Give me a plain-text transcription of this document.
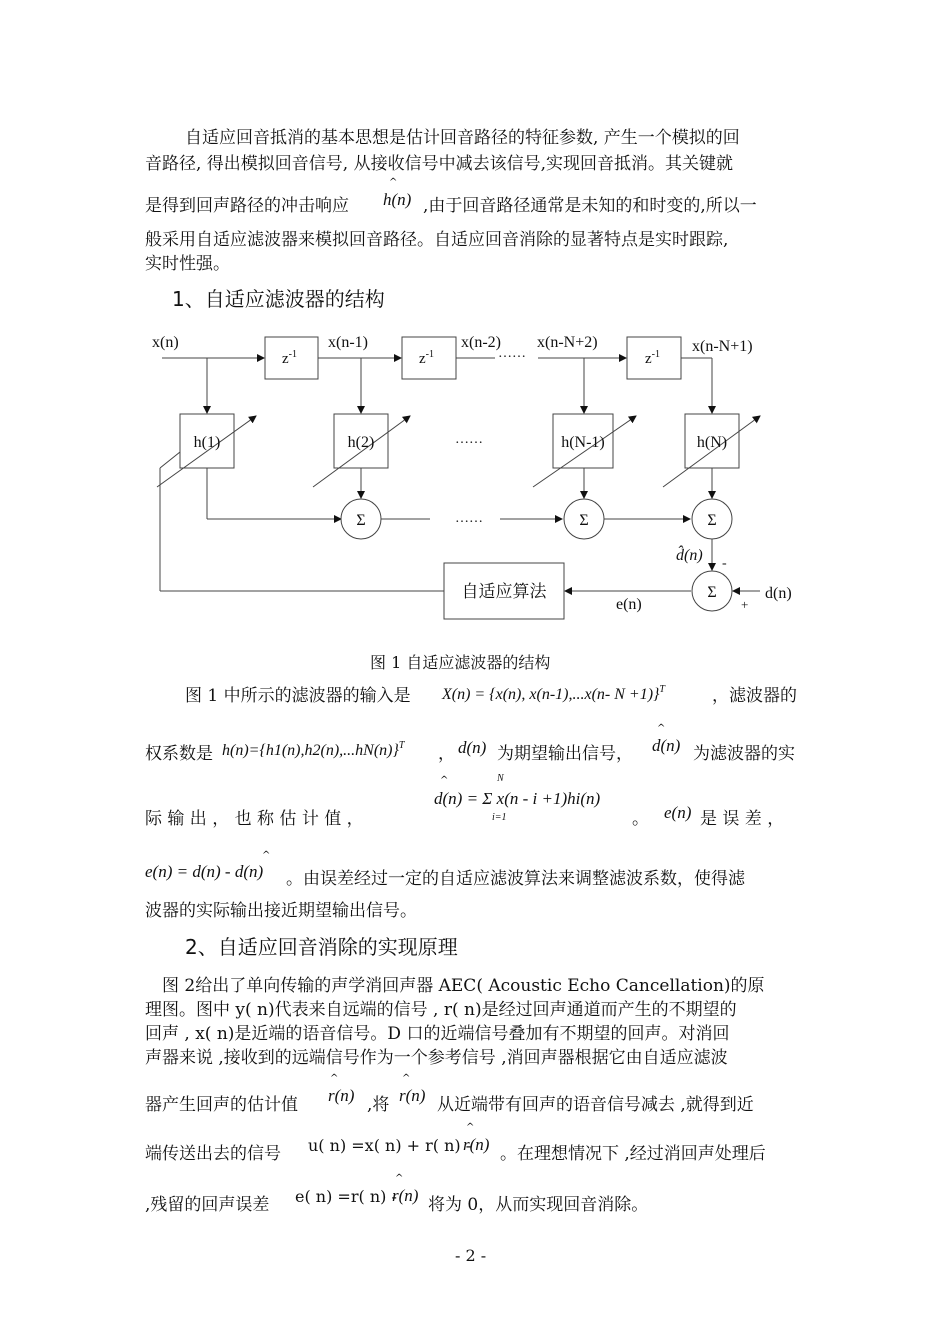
自适应回音抵消的基本思想是估计回音路径的特征参数, 产生一个模拟的回
音路径, 得出模拟回音信号, 从接收信号中减去该信号,实现回音抵消。其关键就
是得到回声路径的冲击响应
^
h(n) ,由于回音路径通常是未知的和时变的,所以一
般采用自适应滤波器来模拟回音路径。自适应回音消除的显著特点是实时跟踪,
实时性强。
1、自适应滤波器的结构
x(n)	x(n-1)	x(n-2) x(n-N+2)	x(n-N+1)
……
……
……
$z^{-1}$	$z^{-1}$	$z^{-1}$
h(1)	h(2)	h(N-1)	h(N)
Σ	Σ	Σ
Σ
自适应算法
d̂(n) -
+
d(n)
e(n)
图 1 自适应滤波器的结构
图 1 中所示的滤波器的输入是 X(n) = {x(n), x(n-1),...x(n- N +1)}$^T$	，滤波器的
权系数是 $h(n)=\{h1(n),h2(n),...hN(n)\}^T$ ， d(n) 为期望输出信号，
^
d(n) 为滤波器的实
际 输 出 ， 也 称 估 计 值 ，
^
d(n) = Σ x(n - i +1)hi(n)
N
i=1	。 e(n) 是 误 差 ，
^
e(n) = d(n) - d(n) 。由误差经过一定的自适应滤波算法来调整滤波系数，使得滤
波器的实际输出接近期望输出信号。
2、自适应回音消除的实现原理
图 2给出了单向传输的声学消回声器 AEC( Acoustic Echo Cancellation)的原
理图。图中 y( n)代表来自远端的信号 , r( n)是经过回声通道而产生的不期望的
回声 , x( n)是近端的语音信号。D 口的近端信号叠加有不期望的回声。对消回
声器来说 ,接收到的远端信号作为一个参考信号 ,消回声器根据它由自适应滤波
器产生回声的估计值
^
r(n) ,将
^
r(n) 从近端带有回声的语音信号减去 ,就得到近
端传送出去的信号 u( n) =x( n) + r( n) -
^
r(n) 。在理想情况下 ,经过消回声处理后
,残留的回声误差 e( n) =r( n) -
^
r(n) 将为 0，从而实现回音消除。
- 2 -
